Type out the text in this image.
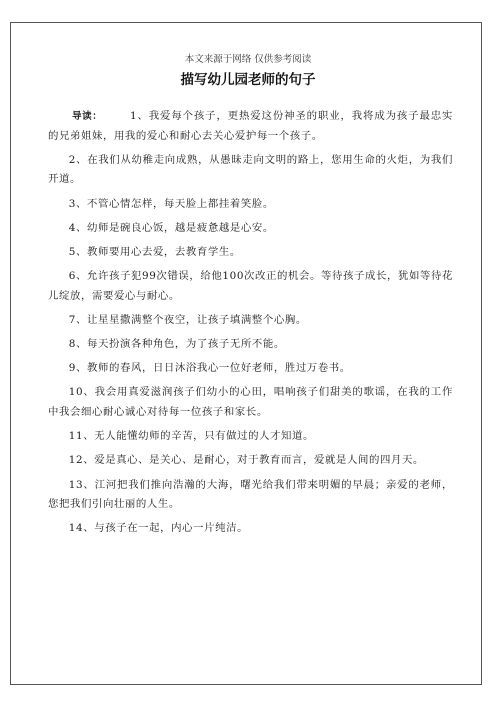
本文来源于网络 仅供参考阅读
描写幼儿园老师的句子

导读：	1、我爱每个孩子，更热爱这份神圣的职业，我将成为孩子最忠实的兄弟姐妹，用我的爱心和耐心去关心爱护每一个孩子。

2、在我们从幼稚走向成熟，从愚昧走向文明的路上，您用生命的火炬，为我们开道。

3、不管心情怎样，每天脸上都挂着笑脸。

4、幼师是碗良心饭，越是疲惫越是心安。

5、教师要用心去爱，去教育学生。

6、允许孩子犯99次错误，给他100次改正的机会。等待孩子成长，犹如等待花儿绽放，需要爱心与耐心。

7、让星星撒满整个夜空，让孩子填满整个心胸。

8、每天扮演各种角色，为了孩子无所不能。

9、教师的春风，日日沐浴我心一位好老师，胜过万卷书。

10、我会用真爱滋润孩子们幼小的心田，唱响孩子们甜美的歌谣，在我的工作中我会细心耐心诚心对待每一位孩子和家长。

11、无人能懂幼师的辛苦，只有做过的人才知道。

12、爱是真心、是关心、是耐心，对于教育而言，爱就是人间的四月天。

13、江河把我们推向浩瀚的大海，曙光给我们带来明媚的早晨；亲爱的老师，您把我们引向壮丽的人生。

14、与孩子在一起，内心一片纯洁。
